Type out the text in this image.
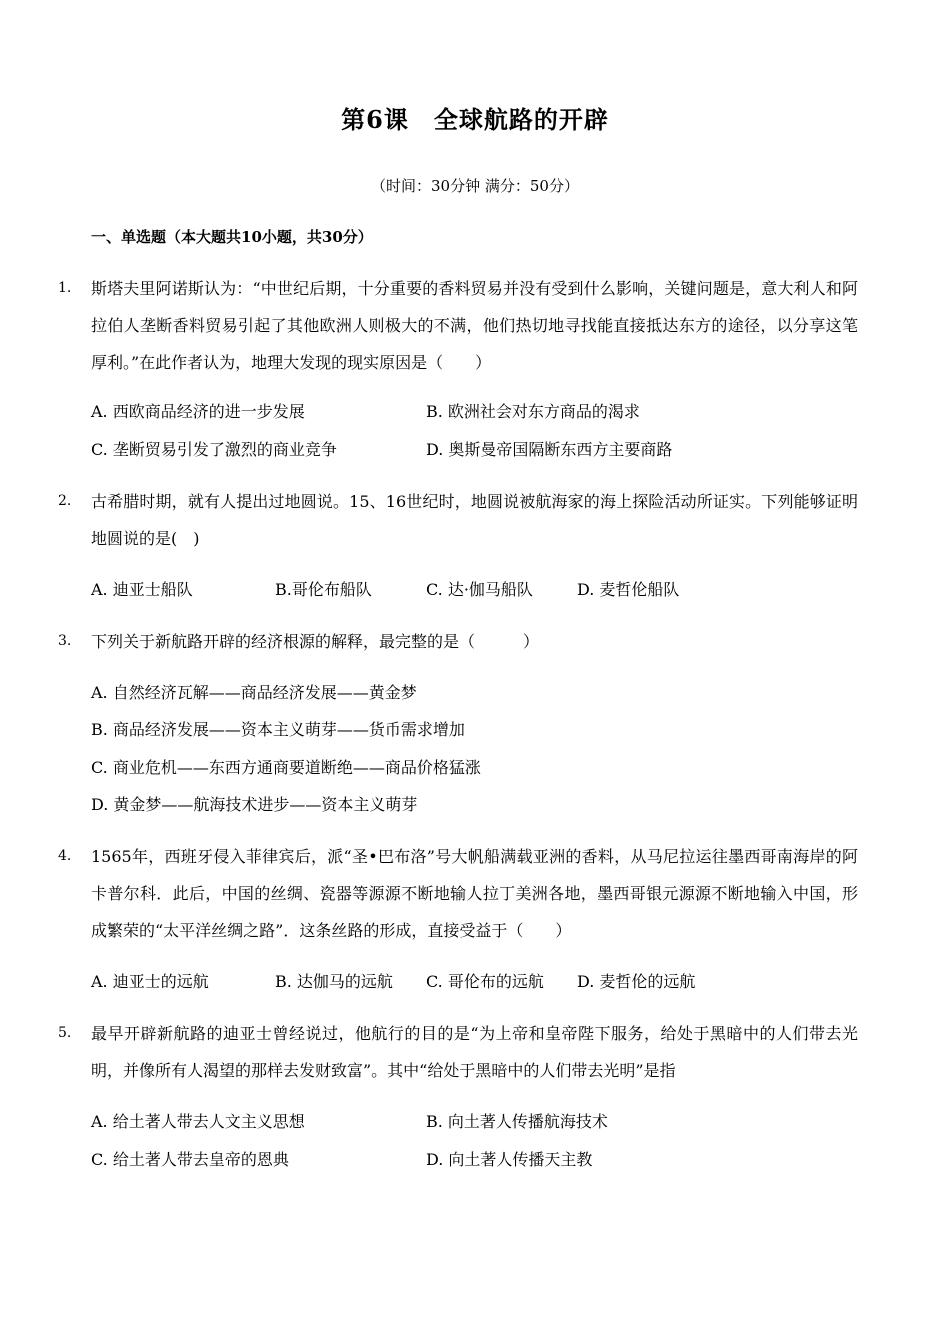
第6课　全球航路的开辟
（时间：30分钟 满分：50分）
一、单选题（本大题共10小题，共30分）
1. 斯塔夫里阿诺斯认为：“中世纪后期，十分重要的香料贸易并没有受到什么影响，关键问题是，意大利人和阿拉伯人垄断香料贸易引起了其他欧洲人则极大的不满，他们热切地寻找能直接抵达东方的途径，以分享这笔厚利。”在此作者认为，地理大发现的现实原因是（　　）
A. 西欧商品经济的进一步发展	B. 欧洲社会对东方商品的渴求
C. 垄断贸易引发了激烈的商业竞争	D. 奥斯曼帝国隔断东西方主要商路
2. 古希腊时期，就有人提出过地圆说。15、16世纪时，地圆说被航海家的海上探险活动所证实。下列能够证明地圆说的是(　)
A. 迪亚士船队	B.哥伦布船队	C. 达·伽马船队	D. 麦哲伦船队
3. 下列关于新航路开辟的经济根源的解释，最完整的是（　　　）
A. 自然经济瓦解——商品经济发展——黄金梦
B. 商品经济发展——资本主义萌芽——货币需求增加
C. 商业危机——东西方通商要道断绝——商品价格猛涨
D. 黄金梦——航海技术进步——资本主义萌芽
4. 1565年，西班牙侵入菲律宾后，派“圣•巴布洛”号大帆船满载亚洲的香料，从马尼拉运往墨西哥南海岸的阿卡普尔科．此后，中国的丝绸、瓷器等源源不断地输人拉丁美洲各地，墨西哥银元源源不断地输入中国，形成繁荣的“太平洋丝绸之路”．这条丝路的形成，直接受益于（　　）
A. 迪亚士的远航	B. 达伽马的远航 C. 哥伦布的远航 D. 麦哲伦的远航
5. 最早开辟新航路的迪亚士曾经说过，他航行的目的是“为上帝和皇帝陛下服务，给处于黑暗中的人们带去光明，并像所有人渴望的那样去发财致富”。其中“给处于黑暗中的人们带去光明”是指
A. 给土著人带去人文主义思想	B. 向土著人传播航海技术
C. 给土著人带去皇帝的恩典	D. 向土著人传播天主教
